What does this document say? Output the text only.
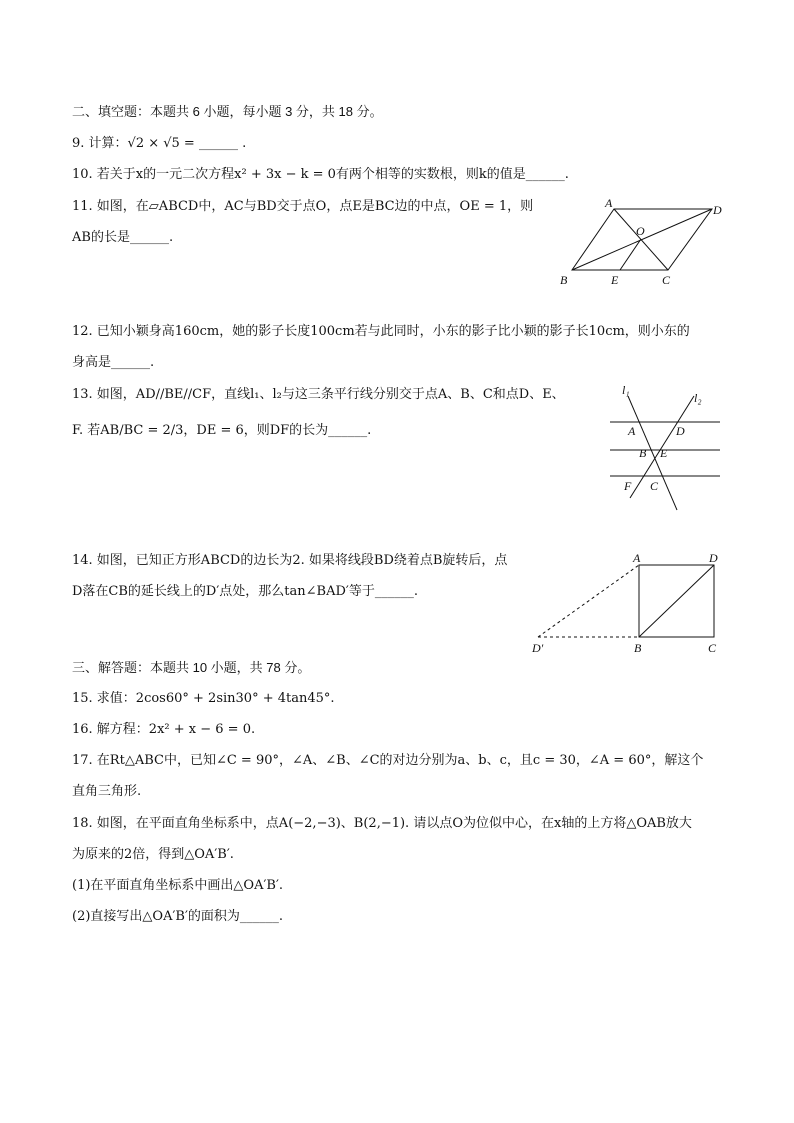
二、填空题：本题共 6 小题，每小题 3 分，共 18 分。
9. 计算：√2 × √5 = ______ .
10. 若关于x的一元二次方程x² + 3x − k = 0有两个相等的实数根，则k的值是______.
11. 如图，在▱ABCD中，AC与BD交于点O，点E是BC边的中点，OE = 1，则
AB的长是______.
A	D
O
B	E	C
12. 已知小颖身高160cm，她的影子长度100cm若与此同时，小东的影子比小颖的影子长10cm，则小东的
身高是______.
13. 如图，AD//BE//CF，直线l₁、l₂与这三条平行线分别交于点A、B、C和点D、E、
F. 若AB/BC = 2/3，DE = 6，则DF的长为______.
l₁
l₂
A	D
B E
F C
14. 如图，已知正方形ABCD的边长为2. 如果将线段BD绕着点B旋转后，点
D落在CB的延长线上的D′点处，那么tan∠BAD′等于______.
A	D
D′	B	C
三、解答题：本题共 10 小题，共 78 分。
15. 求值：2cos60° + 2sin30° + 4tan45°.
16. 解方程：2x² + x − 6 = 0.
17. 在Rt△ABC中，已知∠C = 90°，∠A、∠B、∠C的对边分别为a、b、c，且c = 30，∠A = 60°，解这个
直角三角形.
18. 如图，在平面直角坐标系中，点A(−2,−3)、B(2,−1). 请以点O为位似中心，在x轴的上方将△OAB放大
为原来的2倍，得到△OA′B′.
(1)在平面直角坐标系中画出△OA′B′.
(2)直接写出△OA′B′的面积为______.
